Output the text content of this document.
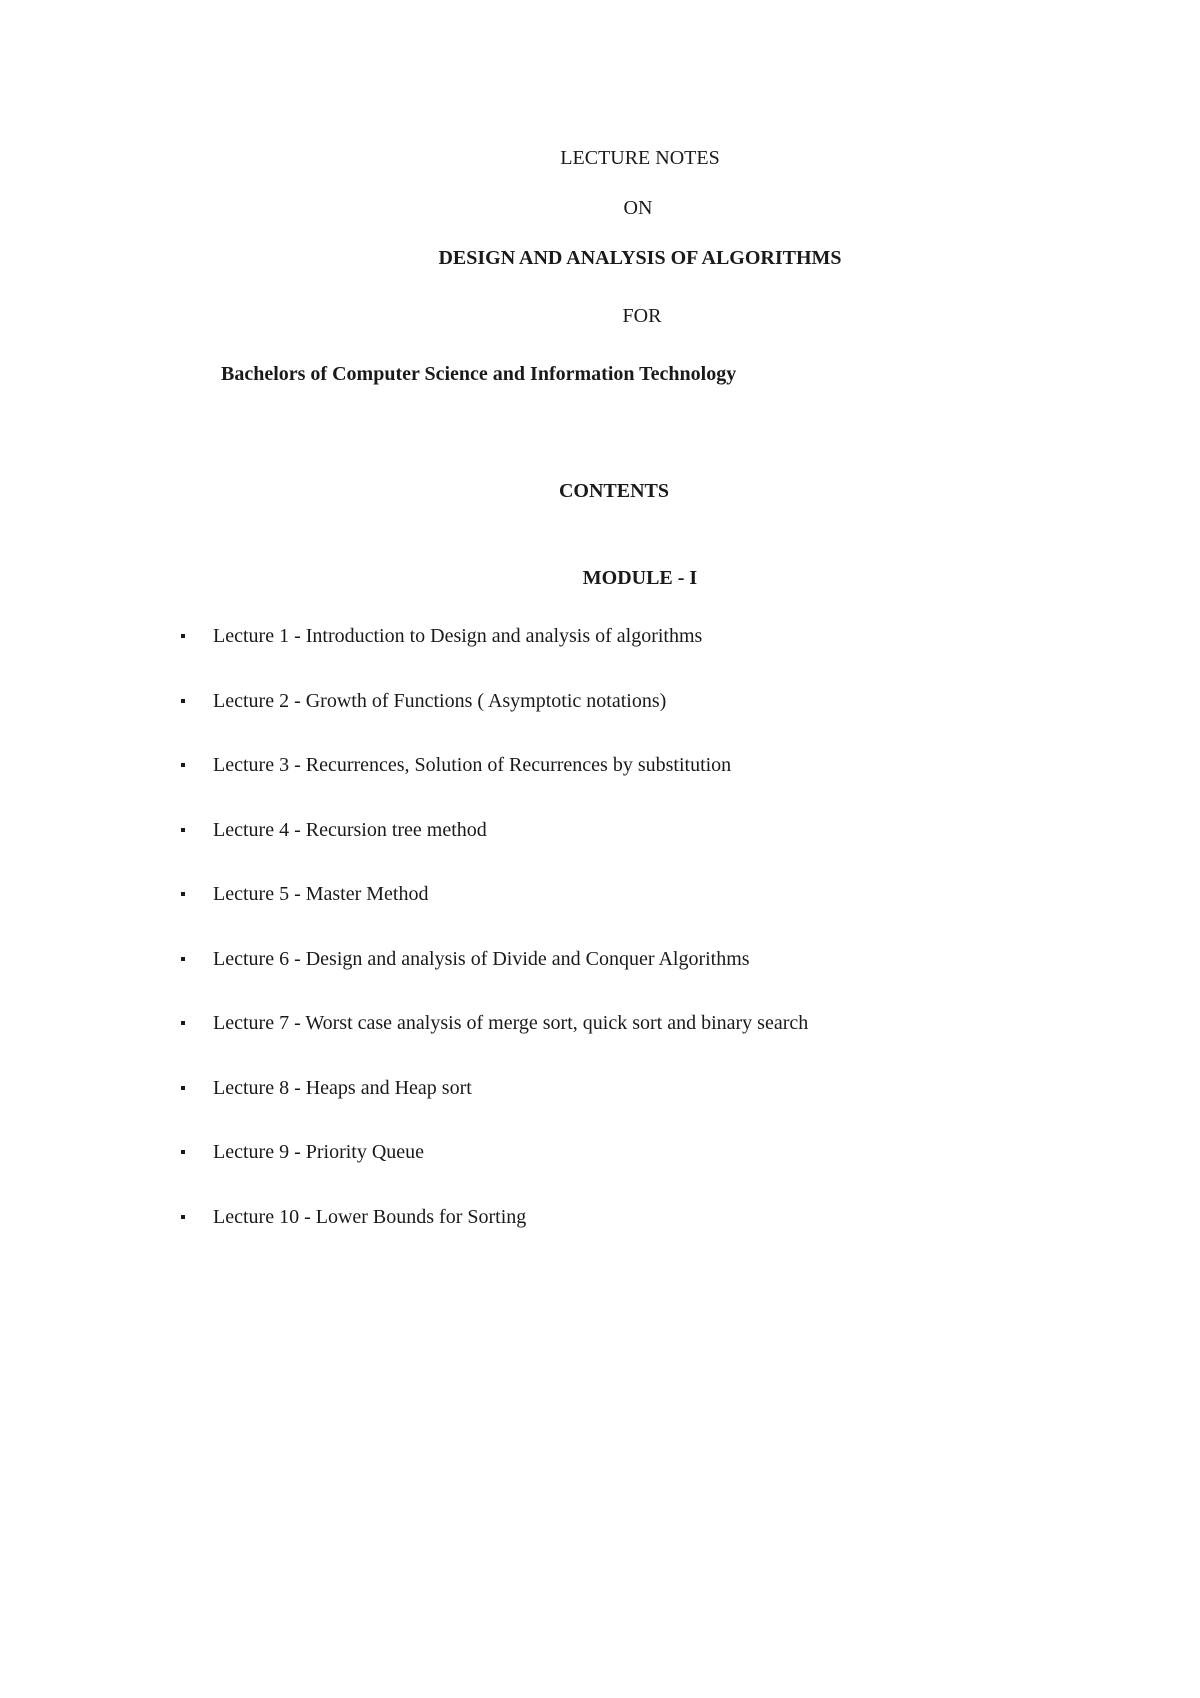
LECTURE NOTES
ON
DESIGN AND ANALYSIS OF ALGORITHMS
FOR
Bachelors of Computer Science and Information Technology
CONTENTS
MODULE - I
Lecture 1 - Introduction to Design and analysis of algorithms
Lecture 2 - Growth of Functions ( Asymptotic notations)
Lecture 3 - Recurrences, Solution of Recurrences by substitution
Lecture 4 - Recursion tree method
Lecture 5 - Master Method
Lecture 6 - Design and analysis of Divide and Conquer Algorithms
Lecture 7 - Worst case analysis of merge sort, quick sort and binary search
Lecture 8 - Heaps and Heap sort
Lecture 9 - Priority Queue
Lecture 10 - Lower Bounds for Sorting
